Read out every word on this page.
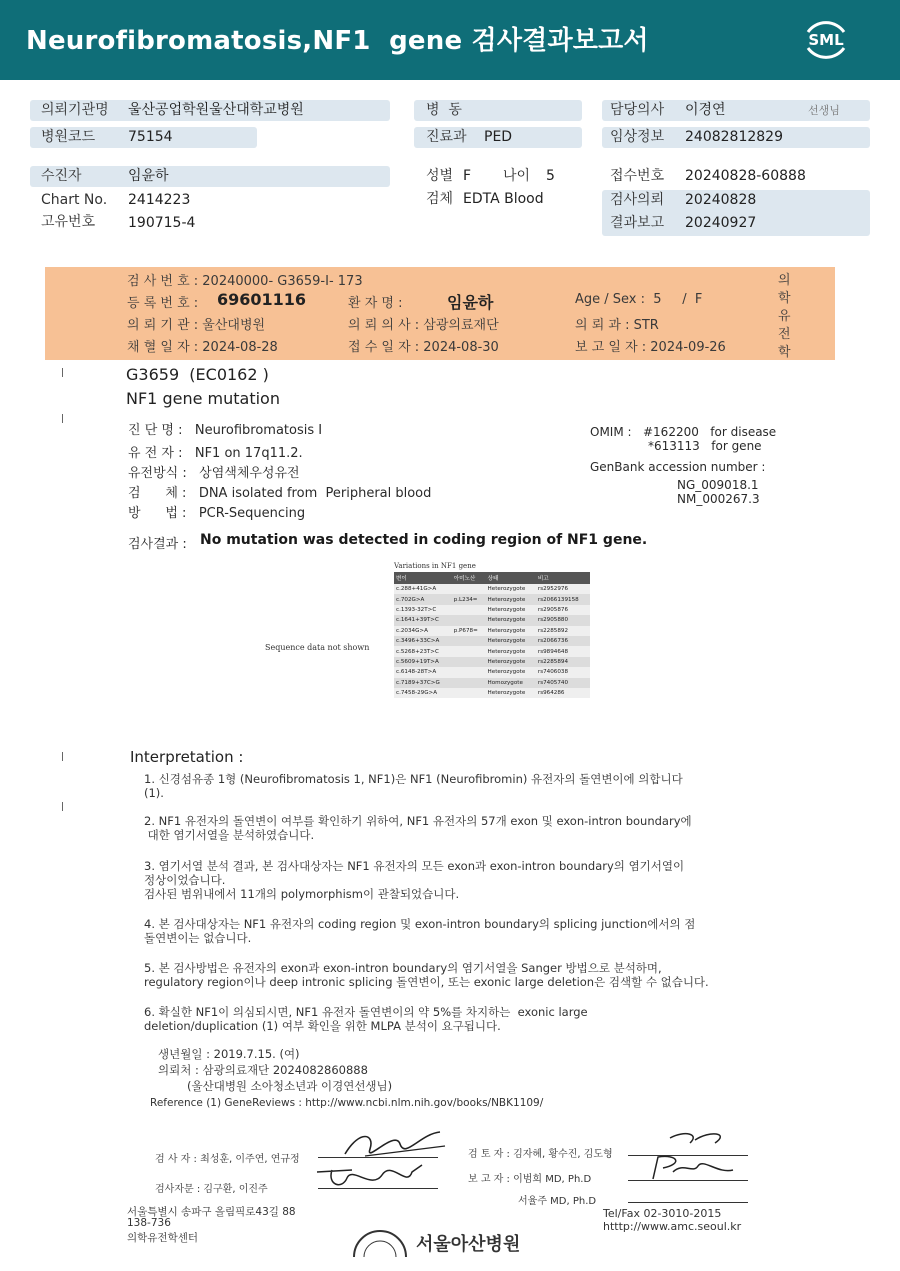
Neurofibromatosis,NF1  gene 검사결과보고서	SML
의뢰기관명 울산공업학원울산대학교병원	병  동	담당의사 이경연	선생님
병원코드 75154	진료과 PED	임상정보 24082812829
수진자	임윤하	성별 F 나이 5	접수번호 20240828-60888
Chart No. 2414223	검체 EDTA Blood	검사의뢰 20240828
고유번호 190715-4	결과보고 20240927
검 사 번 호 : 20240000- G3659-I- 173
등 록 번 호 : 69601116	환 자 명 :	임윤하	Age / Sex :  5     /  F
의 뢰 기 관 : 울산대병원	의 뢰 의 사 : 삼광의료재단	의 뢰 과 : STR
채 혈 일 자 : 2024-08-28	접 수 일 자 : 2024-08-30	보 고 일 자 : 2024-09-26
의
학
유
전
학
G3659  (EC0162 )
NF1 gene mutation
진 단 명 :   Neurofibromatosis I
유 전 자 :   NF1 on 17q11.2.
유전방식 :   상염색체우성유전
검      체 :   DNA isolated from  Peripheral blood
방      법 :   PCR-Sequencing
OMIM :   #162200   for disease
*613113   for gene
GenBank accession number :
NG_009018.1
NM_000267.3
검사결과 : No mutation was detected in coding region of NF1 gene.
Sequence data not shown
Variations in NF1 gene
변이	아미노산	상태	비고
c.288+41G>A		Heterozygote	rs2952976
c.702G>A	p.L234=	Heterozygote	rs2066139158
c.1393-32T>C		Heterozygote	rs2905876
c.1641+39T>C		Heterozygote	rs2905880
c.2034G>A	p.P678=	Heterozygote	rs2285892
c.3496+33C>A		Heterozygote	rs2066736
c.5268+23T>C		Heterozygote	rs9894648
c.5609+19T>A		Heterozygote	rs2285894
c.6148-28T>A		Heterozygote	rs7406038
c.7189+37C>G		Homozygote	rs7405740
c.7458-29G>A		Heterozygote	rs964286
Interpretation :
1. 신경섬유종 1형 (Neurofibromatosis 1, NF1)은 NF1 (Neurofibromin) 유전자의 돌연변이에 의합니다
(1).
2. NF1 유전자의 돌연변이 여부를 확인하기 위하여, NF1 유전자의 57개 exon 및 exon-intron boundary에
대한 염기서열을 분석하였습니다.
3. 염기서열 분석 결과, 본 검사대상자는 NF1 유전자의 모든 exon과 exon-intron boundary의 염기서열이
정상이었습니다.
검사된 범위내에서 11개의 polymorphism이 관찰되었습니다.
4. 본 검사대상자는 NF1 유전자의 coding region 및 exon-intron boundary의 splicing junction에서의 점
돌연변이는 없습니다.
5. 본 검사방법은 유전자의 exon과 exon-intron boundary의 염기서열을 Sanger 방법으로 분석하며,
regulatory region이나 deep intronic splicing 돌연변이, 또는 exonic large deletion은 검색할 수 없습니다.
6. 확실한 NF1이 의심되시면, NF1 유전자 돌연변이의 약 5%를 차지하는  exonic large
deletion/duplication (1) 여부 확인을 위한 MLPA 분석이 요구됩니다.
생년월일 : 2019.7.15. (여)
의뢰처 : 삼광의료재단 2024082860888
(울산대병원 소아청소년과 이경연선생님)
Reference (1) GeneReviews : http://www.ncbi.nlm.nih.gov/books/NBK1109/
검 사 자 : 최성훈, 이주연, 연규정	검 토 자 : 김자혜, 황수진, 김도형
검사자문 : 김구환, 이진주
보 고 자 : 이범희 MD, Ph.D
서율주 MD, Ph.D
서울특별시 송파구 올림픽로43길 88
138-736
의학유전학센터
Tel/Fax 02-3010-2015
htttp://www.amc.seoul.kr
서울아산병원
